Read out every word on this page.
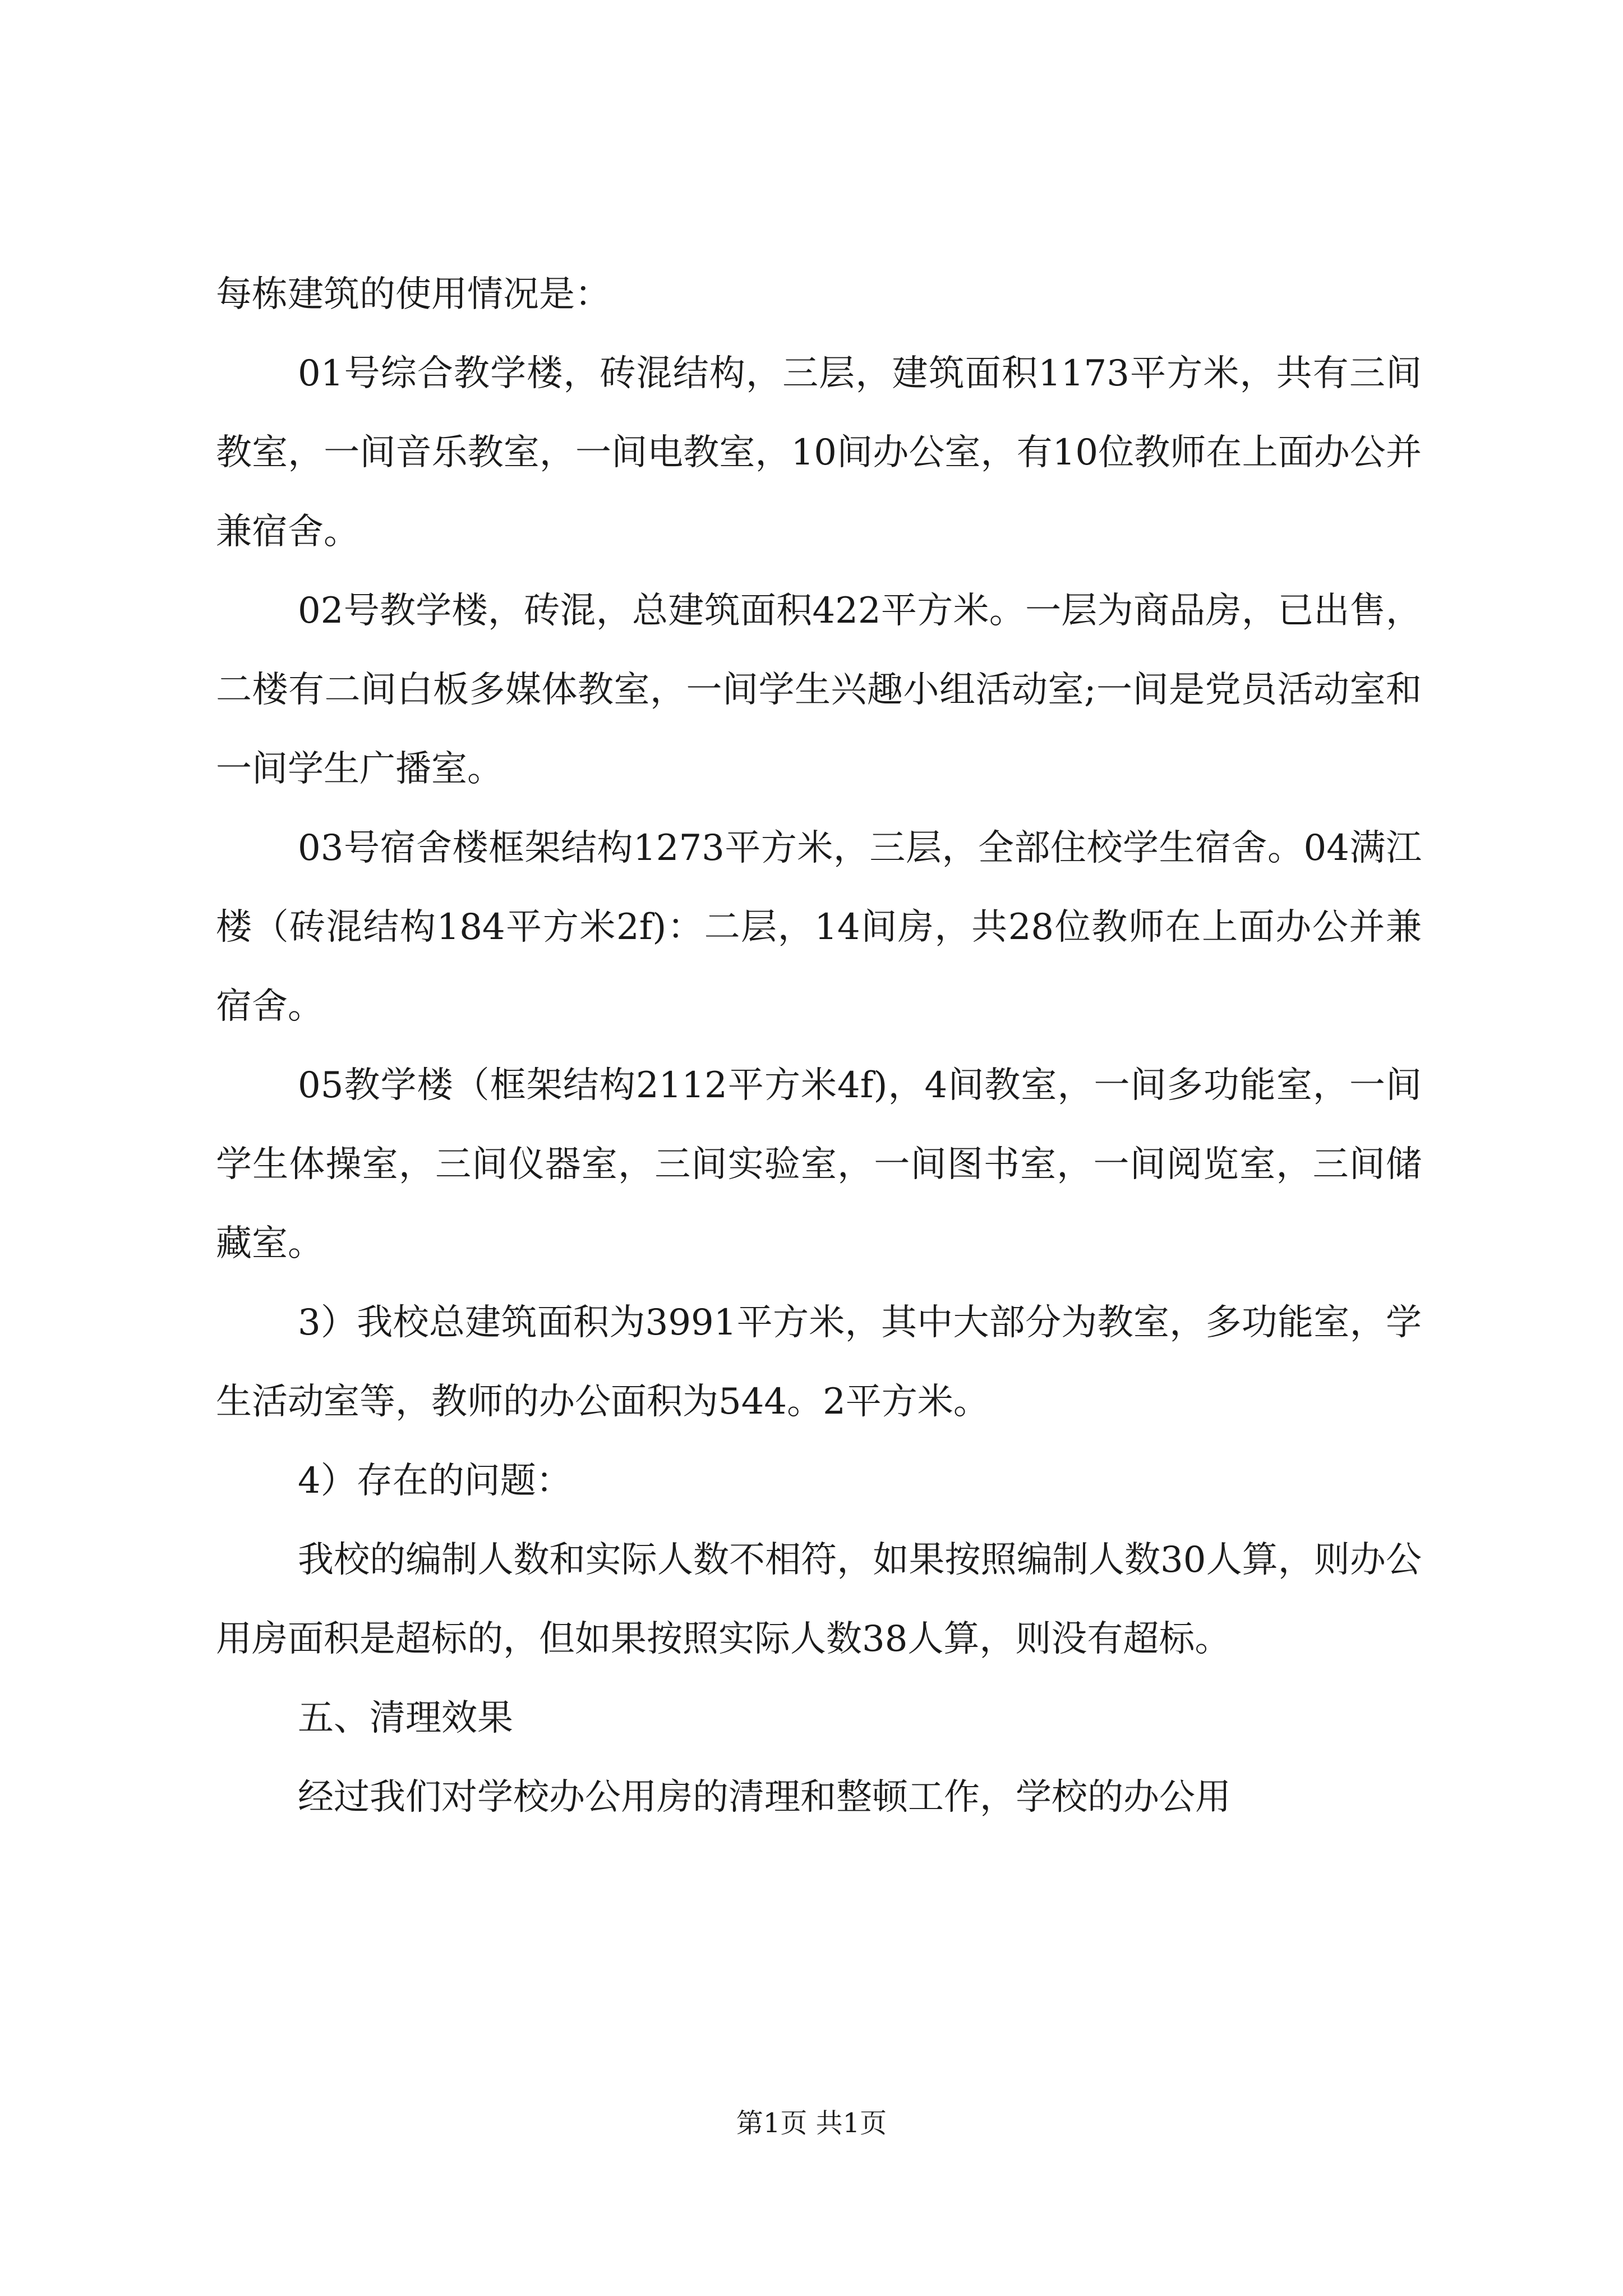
每栋建筑的使用情况是：

01号综合教学楼，砖混结构，三层，建筑面积1173平方米，共有三间教室，一间音乐教室，一间电教室，10间办公室，有10位教师在上面办公并兼宿舍。

02号教学楼，砖混，总建筑面积422平方米。一层为商品房，已出售，二楼有二间白板多媒体教室，一间学生兴趣小组活动室;一间是党员活动室和一间学生广播室。

03号宿舍楼框架结构1273平方米，三层，全部住校学生宿舍。04满江楼（砖混结构184平方米2f)：二层，14间房，共28位教师在上面办公并兼宿舍。

05教学楼（框架结构2112平方米4f)，4间教室，一间多功能室，一间学生体操室，三间仪器室，三间实验室，一间图书室，一间阅览室，三间储藏室。

3）我校总建筑面积为3991平方米，其中大部分为教室，多功能室，学生活动室等，教师的办公面积为544。2平方米。

4）存在的问题：

我校的编制人数和实际人数不相符，如果按照编制人数30人算，则办公用房面积是超标的，但如果按照实际人数38人算，则没有超标。

五、清理效果

经过我们对学校办公用房的清理和整顿工作，学校的办公用

第1页 共1页
